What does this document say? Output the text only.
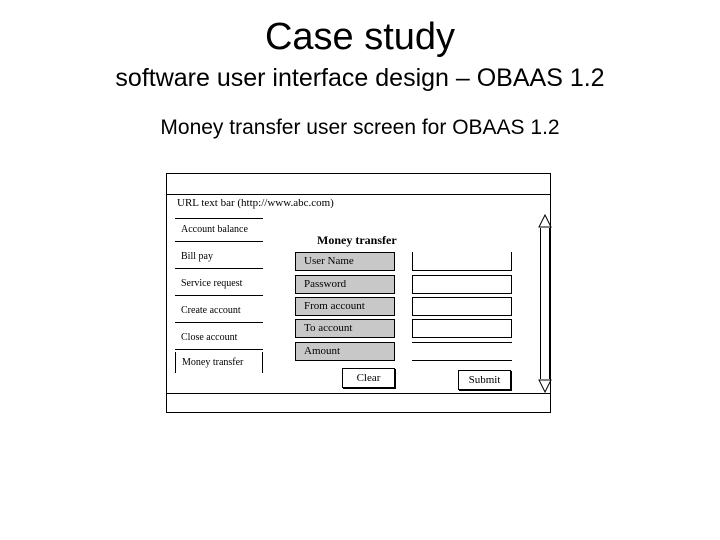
Case study
software user interface design – OBAAS 1.2
Money transfer user screen for OBAAS 1.2
URL text bar (http://www.abc.com)
Account balance
Bill pay
Service request
Create account
Close account
Money transfer
Money transfer
User Name
Password
From account
To account
Amount
Clear	Submit
